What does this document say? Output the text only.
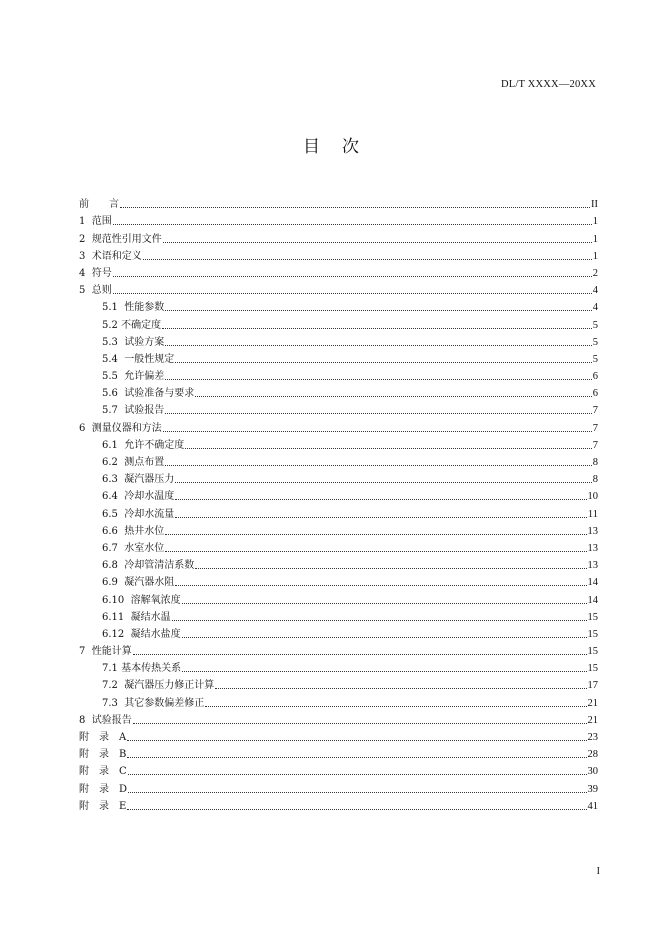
DL/T XXXX—20XX
目次
前　　言	II
1  范围	1
2  规范性引用文件	1
3  术语和定义	1
4  符号	2
5  总则	4
5.1  性能参数	4
5.2 不确定度	5
5.3  试验方案	5
5.4  一般性规定	5
5.5  允许偏差	6
5.6  试验准备与要求	6
5.7  试验报告	7
6  测量仪器和方法	7
6.1  允许不确定度	7
6.2  测点布置	8
6.3  凝汽器压力	8
6.4  冷却水温度	10
6.5  冷却水流量	11
6.6  热井水位	13
6.7  水室水位	13
6.8  冷却管清洁系数	13
6.9  凝汽器水阻	14
6.10  溶解氧浓度	14
6.11  凝结水温	15
6.12  凝结水盐度	15
7  性能计算	15
7.1 基本传热关系	15
7.2  凝汽器压力修正计算	17
7.3  其它参数偏差修正	21
8  试验报告	21
附　录　A	23
附　录　B	28
附　录　C	30
附　录　D	39
附　录　E	41
I
